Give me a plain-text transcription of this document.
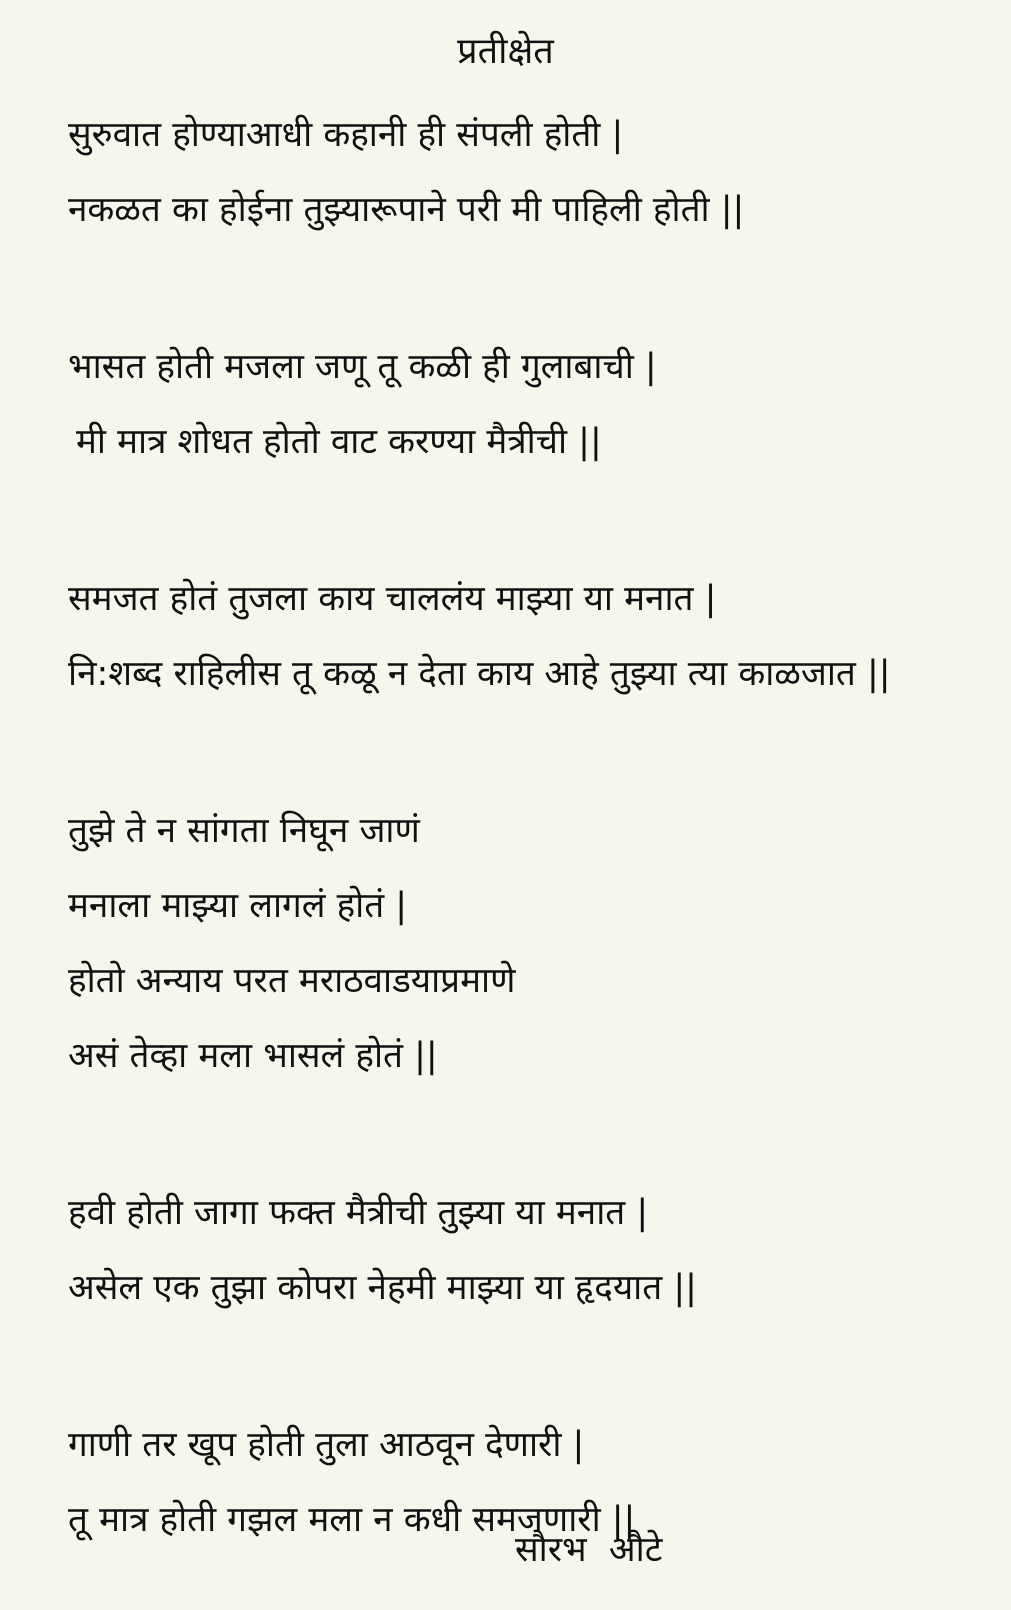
प्रतीक्षेत
सुरुवात होण्याआधी कहानी ही संपली होती |
नकळत का होईना तुझ्यारूपाने परी मी पाहिली होती ||
भासत होती मजला जणू तू कळी ही गुलाबाची |
मी मात्र शोधत होतो वाट करण्या मैत्रीची ||
समजत होतं तुजला काय चाललंय माझ्या या मनात |
नि:शब्द राहिलीस तू कळू न देता काय आहे तुझ्या त्या काळजात ||
तुझे ते न सांगता निघून जाणं
मनाला माझ्या लागलं होतं |
होतो अन्याय परत मराठवाडयाप्रमाणे
असं तेव्हा मला भासलं होतं ||
हवी होती जागा फक्त मैत्रीची तुझ्या या मनात |
असेल एक तुझा कोपरा नेहमी माझ्या या हृदयात ||
गाणी तर खूप होती तुला आठवून देणारी |
तू मात्र होती गझल मला न कधी समजणारी ||
सौरभ  औटे
